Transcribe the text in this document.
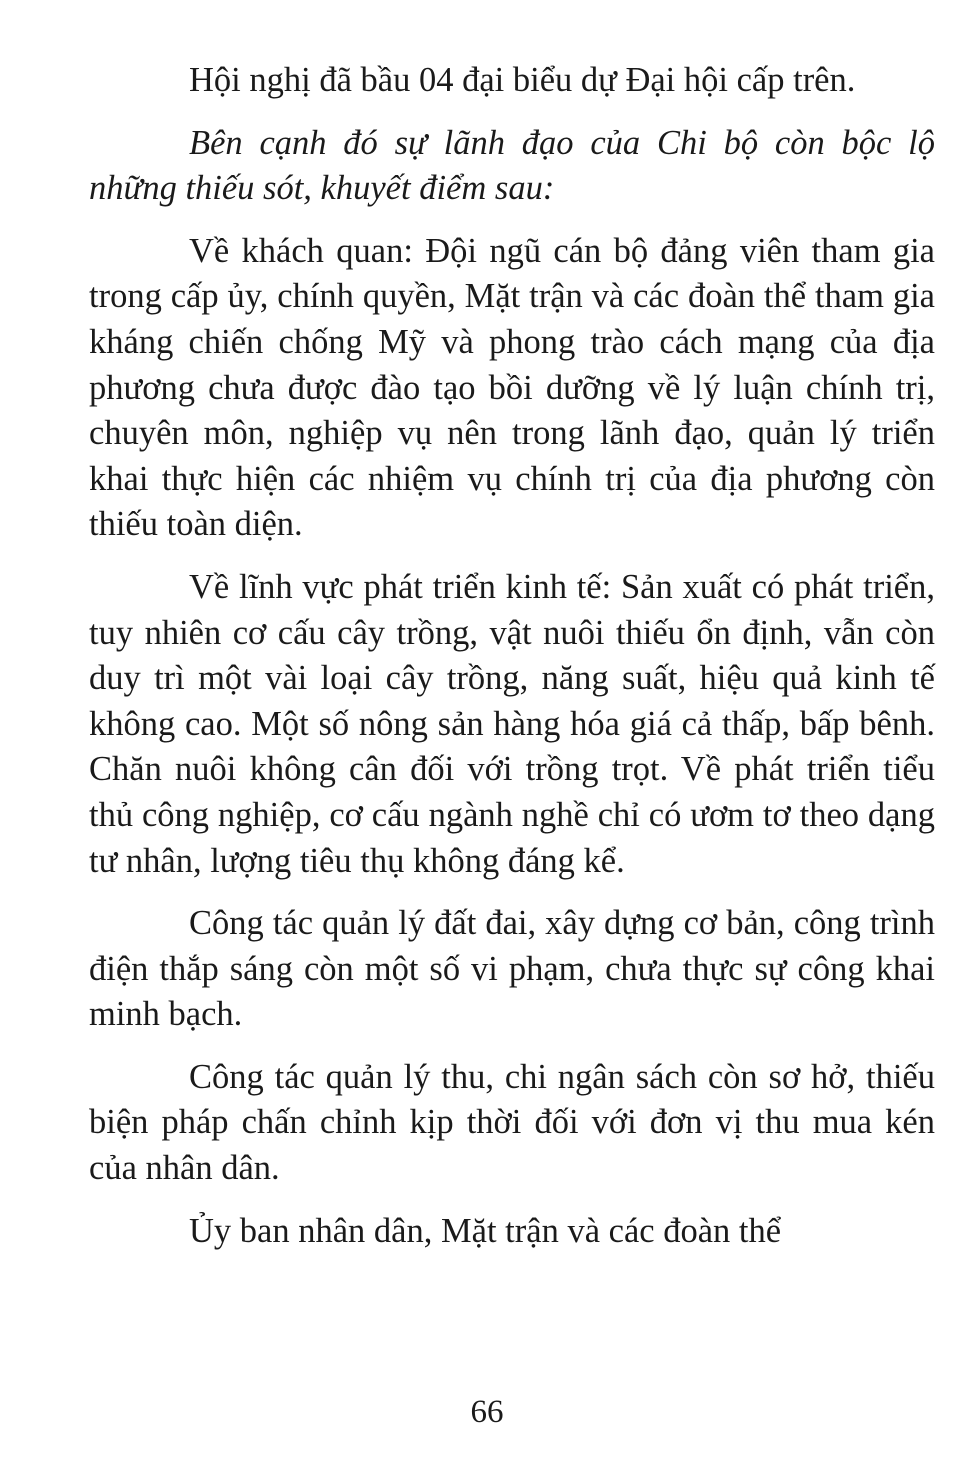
Hội nghị đã bầu 04 đại biểu dự Đại hội cấp trên.

Bên cạnh đó sự lãnh đạo của Chi bộ còn bộc lộ những thiếu sót, khuyết điểm sau:

Về khách quan: Đội ngũ cán bộ đảng viên tham gia trong cấp ủy, chính quyền, Mặt trận và các đoàn thể tham gia kháng chiến chống Mỹ và phong trào cách mạng của địa phương chưa được đào tạo bồi dưỡng về lý luận chính trị, chuyên môn, nghiệp vụ nên trong lãnh đạo, quản lý triển khai thực hiện các nhiệm vụ chính trị của địa phương còn thiếu toàn diện.

Về lĩnh vực phát triển kinh tế: Sản xuất có phát triển, tuy nhiên cơ cấu cây trồng, vật nuôi thiếu ổn định, vẫn còn duy trì một vài loại cây trồng, năng suất, hiệu quả kinh tế không cao. Một số nông sản hàng hóa giá cả thấp, bấp bênh. Chăn nuôi không cân đối với trồng trọt. Về phát triển tiểu thủ công nghiệp, cơ cấu ngành nghề chỉ có ươm tơ theo dạng tư nhân, lượng tiêu thụ không đáng kể.

Công tác quản lý đất đai, xây dựng cơ bản, công trình điện thắp sáng còn một số vi phạm, chưa thực sự công khai minh bạch.

Công tác quản lý thu, chi ngân sách còn sơ hở, thiếu biện pháp chấn chỉnh kịp thời đối với đơn vị thu mua kén của nhân dân.

Ủy ban nhân dân, Mặt trận và các đoàn thể

66
